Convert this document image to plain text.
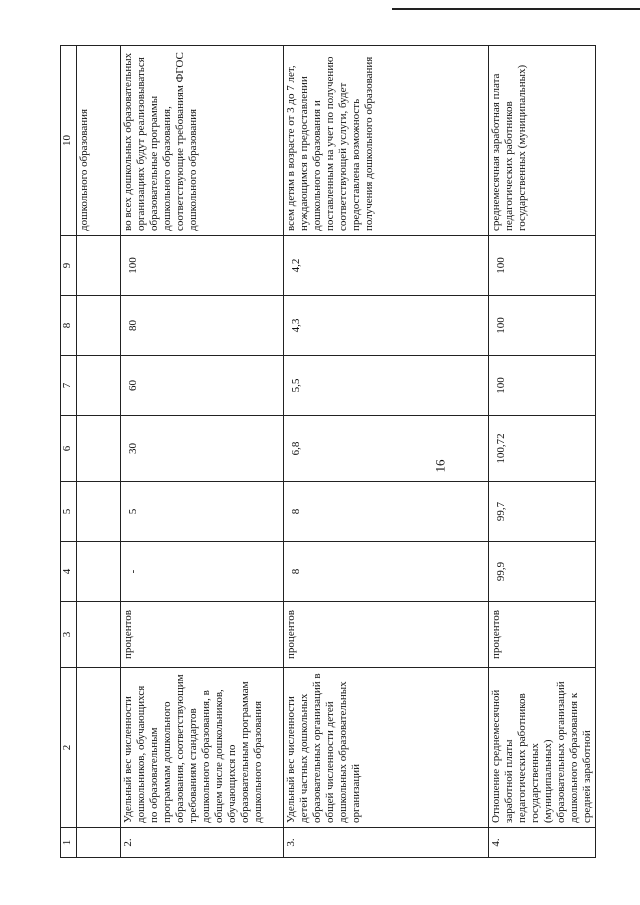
16
1	2	3	4	5	6	7	8	9	10
									дошкольного образования
2.	Удельный вес численности дошкольников, обучающихся по образовательным программам дошкольного образования, соответствующим требованиям стандартов дошкольного образования, в общем числе дошкольников, обучающихся по образовательным программам дошкольного образования	процентов	-	5	30	60	80	100	во всех дошкольных образовательных организациях будут реализовываться образовательные программы дошкольного образования, соответствующие требованиям ФГОС дошкольного образования
3.	Удельный вес численности детей частных дошкольных образовательных организаций в общей численности детей дошкольных образовательных организаций	процентов	8	8	6,8	5,5	4,3	4,2	всем детям в возрасте от 3 до 7 лет, нуждающимся в предоставлении дошкольного образования и поставленным на учет по получению соответствующей услуги, будет предоставлена возможность получения дошкольного образования
4.	Отношение среднемесячной заработной платы педагогических работников государственных (муниципальных) образовательных организаций дошкольного образования к средней заработной	процентов	99,9	99,7	100,72	100	100	100	среднемесячная заработная плата педагогических работников государственных (муниципальных)
